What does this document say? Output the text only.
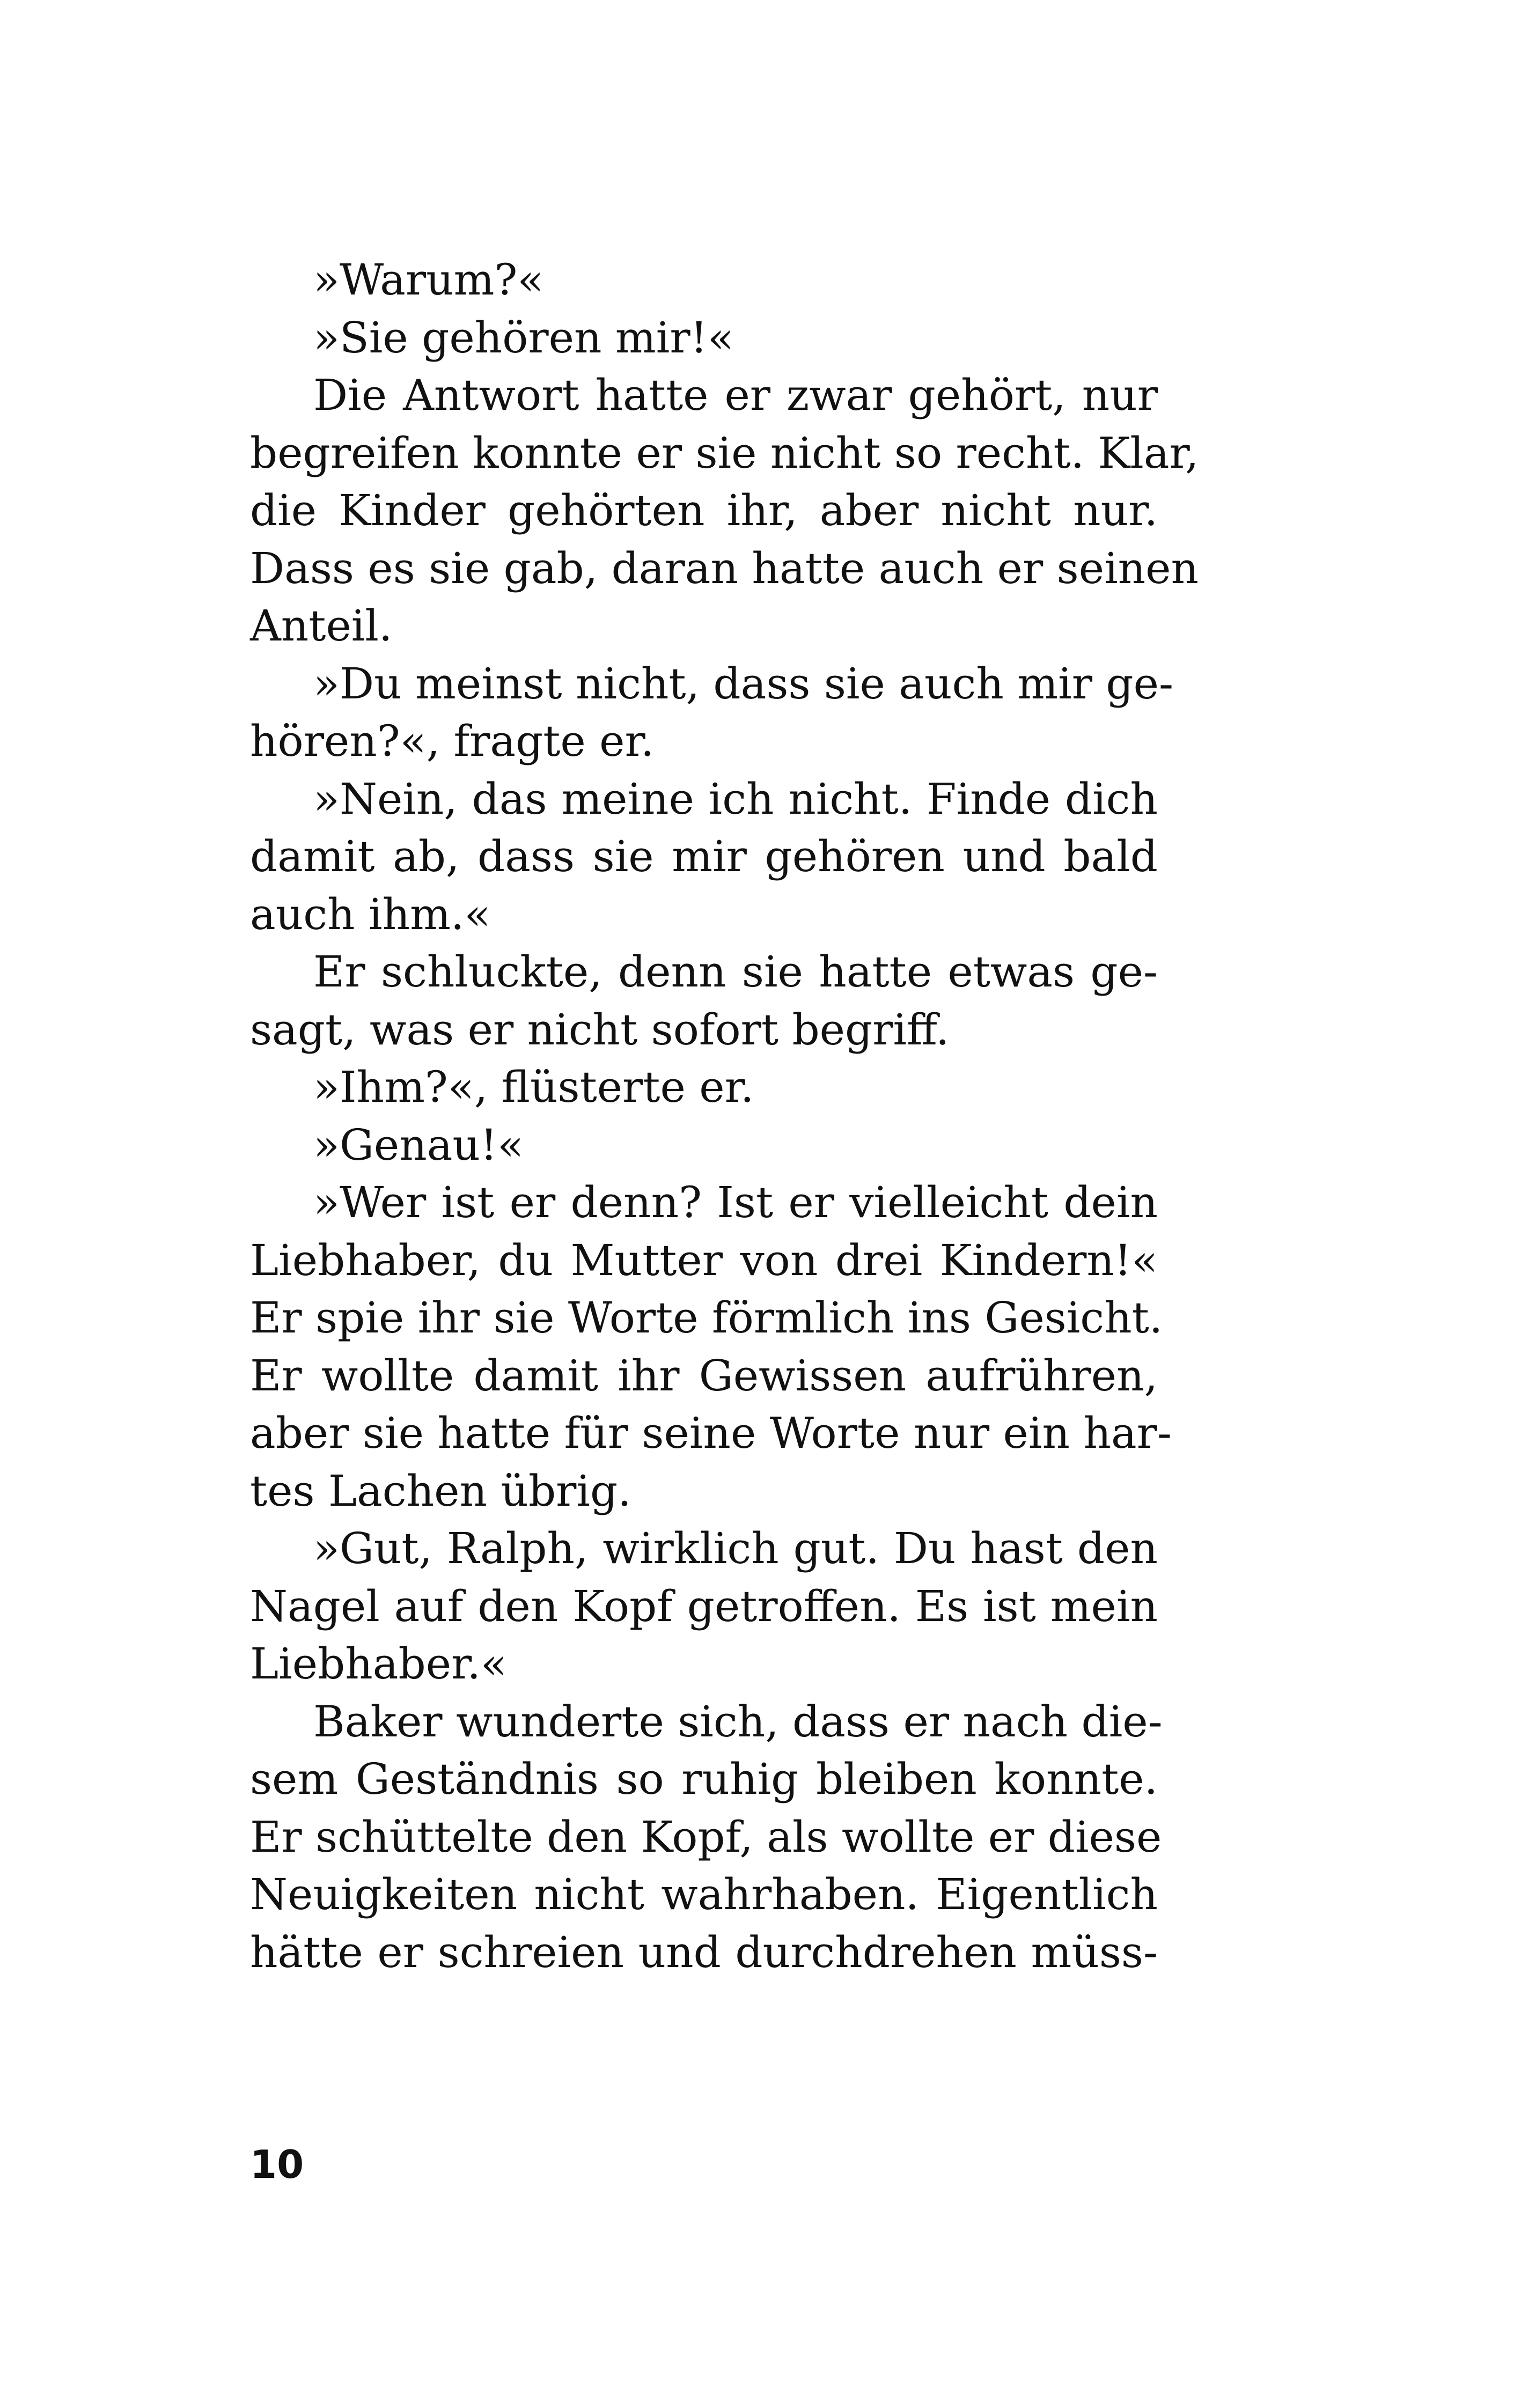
»Warum?«
»Sie gehören mir!«
Die Antwort hatte er zwar gehört, nur
begreifen konnte er sie nicht so recht. Klar,
die Kinder gehörten ihr, aber nicht nur.
Dass es sie gab, daran hatte auch er seinen
Anteil.
»Du meinst nicht, dass sie auch mir ge-
hören?«, fragte er.
»Nein, das meine ich nicht. Finde dich
damit ab, dass sie mir gehören und bald
auch ihm.«
Er schluckte, denn sie hatte etwas ge-
sagt, was er nicht sofort begriff.
»Ihm?«, flüsterte er.
»Genau!«
»Wer ist er denn? Ist er vielleicht dein
Liebhaber, du Mutter von drei Kindern!«
Er spie ihr sie Worte förmlich ins Gesicht.
Er wollte damit ihr Gewissen aufrühren,
aber sie hatte für seine Worte nur ein har-
tes Lachen übrig.
»Gut, Ralph, wirklich gut. Du hast den
Nagel auf den Kopf getroffen. Es ist mein
Liebhaber.«
Baker wunderte sich, dass er nach die-
sem Geständnis so ruhig bleiben konnte.
Er schüttelte den Kopf, als wollte er diese
Neuigkeiten nicht wahrhaben. Eigentlich
hätte er schreien und durchdrehen müss-
10
